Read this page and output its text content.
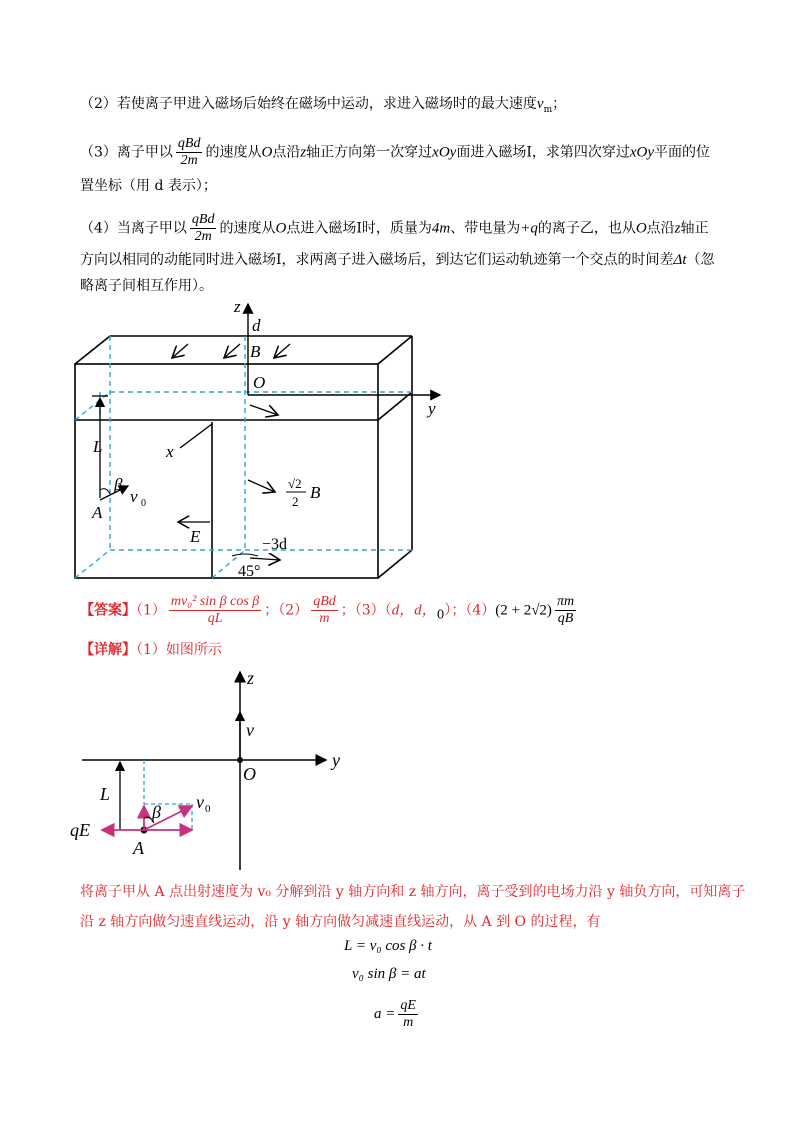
（2）若使离子甲进入磁场后始终在磁场中运动，求进入磁场时的最大速度$v_m$；
（3）离子甲以 $\frac{\text{qBd}}{2m}$ 的速度从O点沿z轴正方向第一次穿过xOy面进入磁场Ⅰ，求第四次穿过xOy平面的位
置坐标（用 d 表示）；
（4）当离子甲以 $\frac{\text{qBd}}{2m}$ 的速度从O点进入磁场Ⅰ时，质量为4m、带电量为+q的离子乙，也从O点沿z轴正
方向以相同的动能同时进入磁场Ⅰ，求两离子进入磁场后，到达它们运动轨迹第一个交点的时间差Δt（忽
略离子间相互作用）。
z
d
B
O
y
x
L
β
v 0
A
√2
2 B
E	−3d
45°
【答案】$(1) \frac{\text{mv₀² sin β cos β}}{qL}$ ；$(2) \frac{\text{qBd}}{m}$ ；（3）（d，d，$_0$）；$(4)(2 + 2√2) \frac{\pi m}{qB}$
【详解】（1）如图所示
z
v
y
O
L
β v 0
qE
A
将离子甲从 A 点出射速度为 v₀ 分解到沿 y 轴方向和 z 轴方向，离子受到的电场力沿 y 轴负方向，可知离子
沿 z 轴方向做匀速直线运动，沿 y 轴方向做匀减速直线运动，从 A 到 O 的过程，有
L = v₀ cos β · t
v₀ sin β = at
$a = \frac{qE}{m}$
